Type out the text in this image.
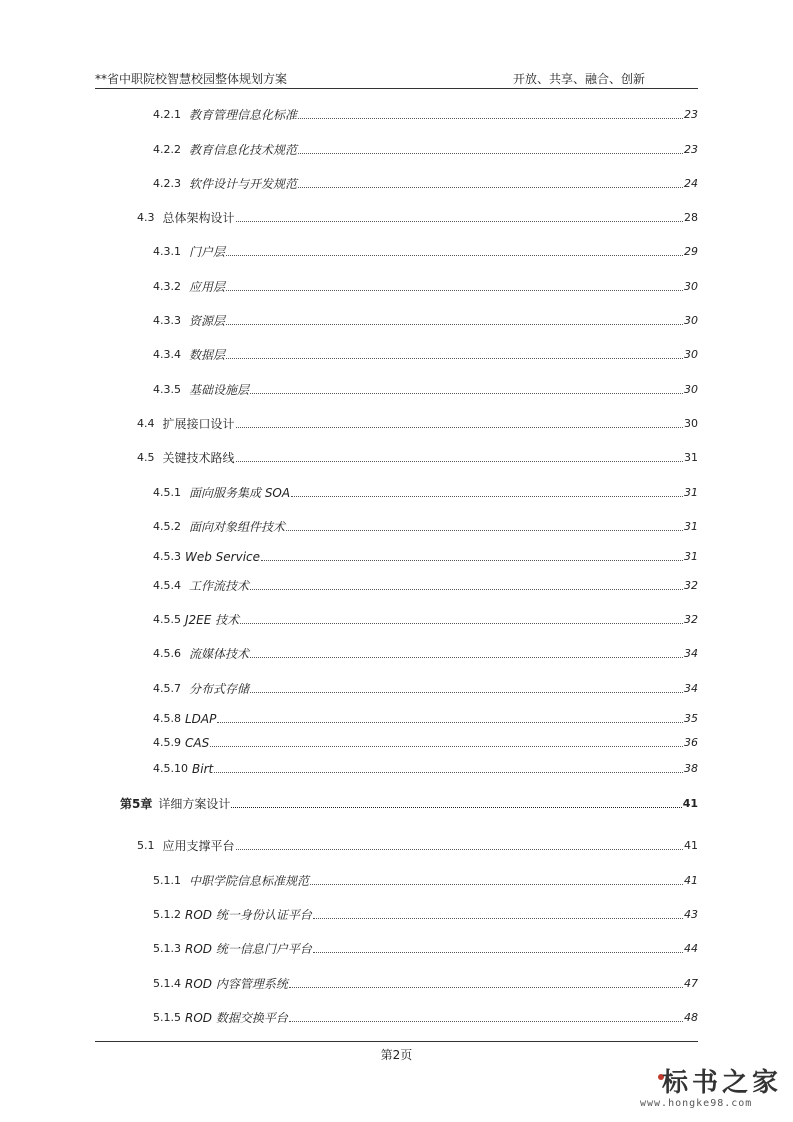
**省中职院校智慧校园整体规划方案	开放、共享、融合、创新
4.2.1 教育管理信息化标准	23
4.2.2 教育信息化技术规范	23
4.2.3 软件设计与开发规范	24
4.3 总体架构设计	28
4.3.1 门户层	29
4.3.2 应用层	30
4.3.3 资源层	30
4.3.4 数据层	30
4.3.5 基础设施层	30
4.4 扩展接口设计	30
4.5 关键技术路线	31
4.5.1 面向服务集成 SOA	31
4.5.2 面向对象组件技术	31
4.5.3 Web Service	31
4.5.4 工作流技术	32
4.5.5 J2EE 技术	32
4.5.6 流媒体技术	34
4.5.7 分布式存储	34
4.5.8 LDAP	35
4.5.9 CAS	36
4.5.10 Birt	38
第5章 详细方案设计	41
5.1 应用支撑平台	41
5.1.1 中职学院信息标准规范	41
5.1.2 ROD 统一身份认证平台	43
5.1.3 ROD 统一信息门户平台	44
5.1.4 ROD 内容管理系统	47
5.1.5 ROD 数据交换平台	48
第2页
标书之家
www.hongke98.com
